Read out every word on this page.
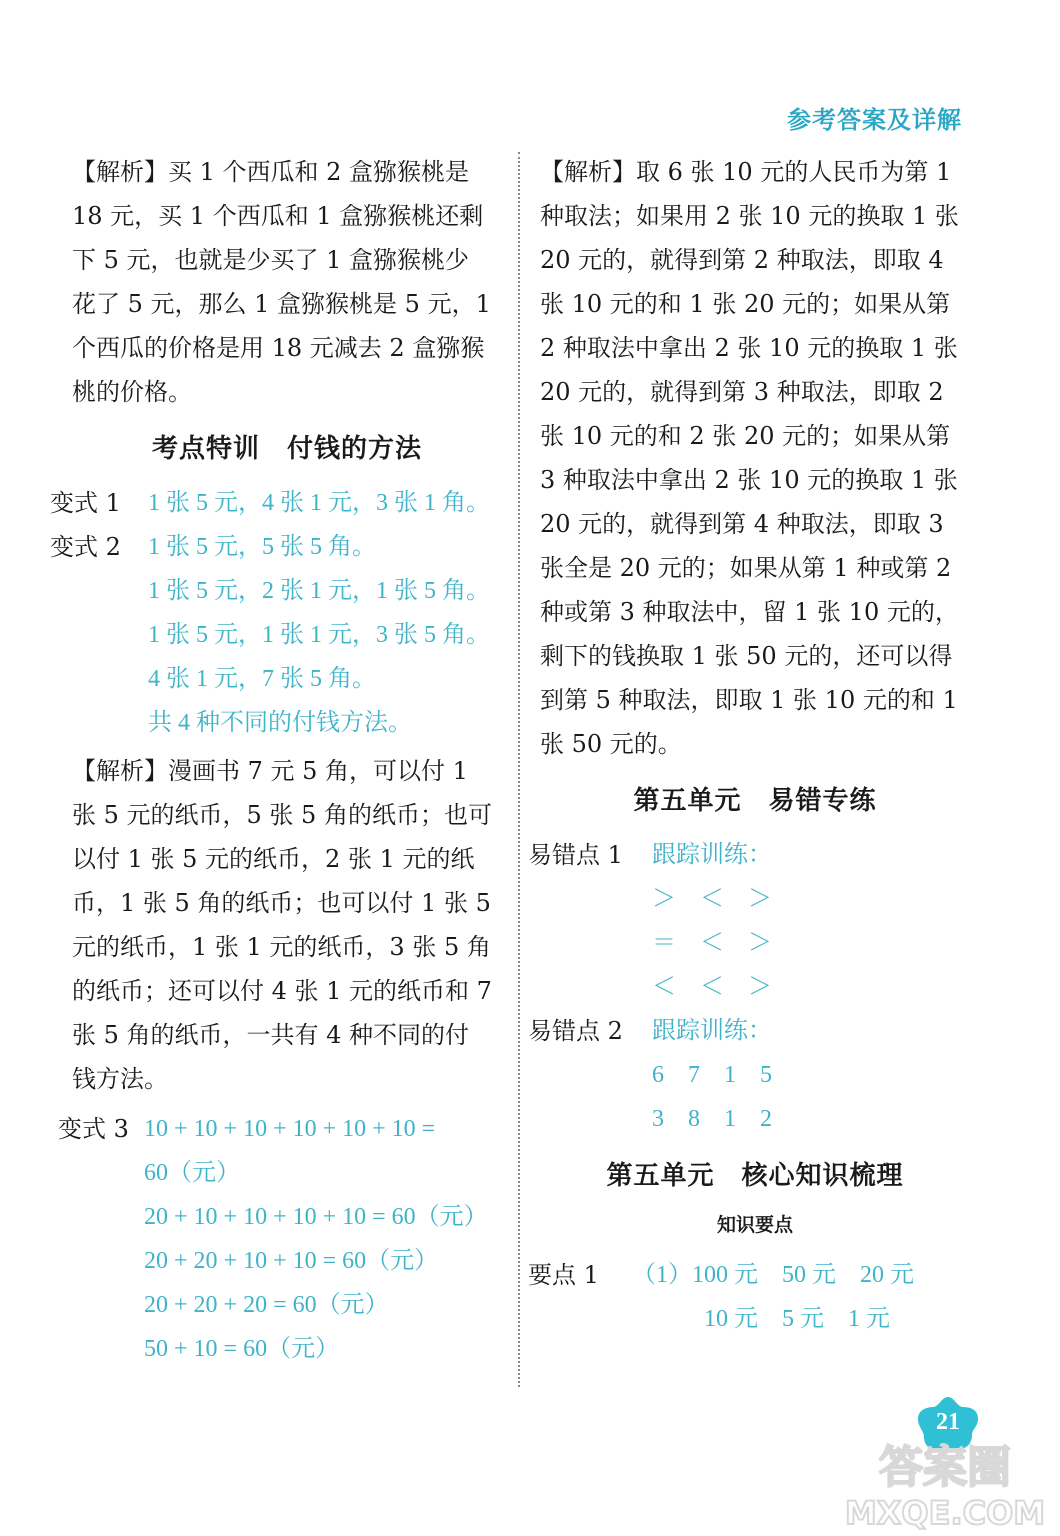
参考答案及详解

【解析】买 1 个西瓜和 2 盒猕猴桃是 18 元，买 1 个西瓜和 1 盒猕猴桃还剩下 5 元，也就是少买了 1 盒猕猴桃少花了 5 元，那么 1 盒猕猴桃是 5 元，1 个西瓜的价格是用 18 元减去 2 盒猕猴桃的价格。

考点特训　付钱的方法
变式 1 1 张 5 元，4 张 1 元，3 张 1 角。
变式 2 1 张 5 元，5 张 5 角。
1 张 5 元，2 张 1 元，1 张 5 角。
1 张 5 元，1 张 1 元，3 张 5 角。
4 张 1 元，7 张 5 角。
共 4 种不同的付钱方法。

【解析】漫画书 7 元 5 角，可以付 1 张 5 元的纸币，5 张 5 角的纸币；也可以付 1 张 5 元的纸币，2 张 1 元的纸币，1 张 5 角的纸币；也可以付 1 张 5 元的纸币，1 张 1 元的纸币，3 张 5 角的纸币；还可以付 4 张 1 元的纸币和 7 张 5 角的纸币，一共有 4 种不同的付钱方法。

变式 3 10 + 10 + 10 + 10 + 10 + 10 =
60（元）
20 + 10 + 10 + 10 + 10 = 60（元）
20 + 20 + 10 + 10 = 60（元）
20 + 20 + 20 = 60（元）
50 + 10 = 60（元）

【解析】取 6 张 10 元的人民币为第 1 种取法；如果用 2 张 10 元的换取 1 张 20 元的，就得到第 2 种取法，即取 4 张 10 元的和 1 张 20 元的；如果从第 2 种取法中拿出 2 张 10 元的换取 1 张 20 元的，就得到第 3 种取法，即取 2 张 10 元的和 2 张 20 元的；如果从第 3 种取法中拿出 2 张 10 元的换取 1 张 20 元的，就得到第 4 种取法，即取 3 张全是 20 元的；如果从第 1 种或第 2 种或第 3 种取法中，留 1 张 10 元的，剩下的钱换取 1 张 50 元的，还可以得到第 5 种取法，即取 1 张 10 元的和 1 张 50 元的。

第五单元　易错专练
易错点 1	跟踪训练：
＞　＜　＞
＝　＜　＞
＜　＜　＞
易错点 2	跟踪训练：
6　7　1　5
3　8　1　2
第五单元　核心知识梳理
知识要点
要点 1	（1）100 元　50 元　20 元
　　　10 元　5 元　1 元
21
答案圈
MXQE.COM
